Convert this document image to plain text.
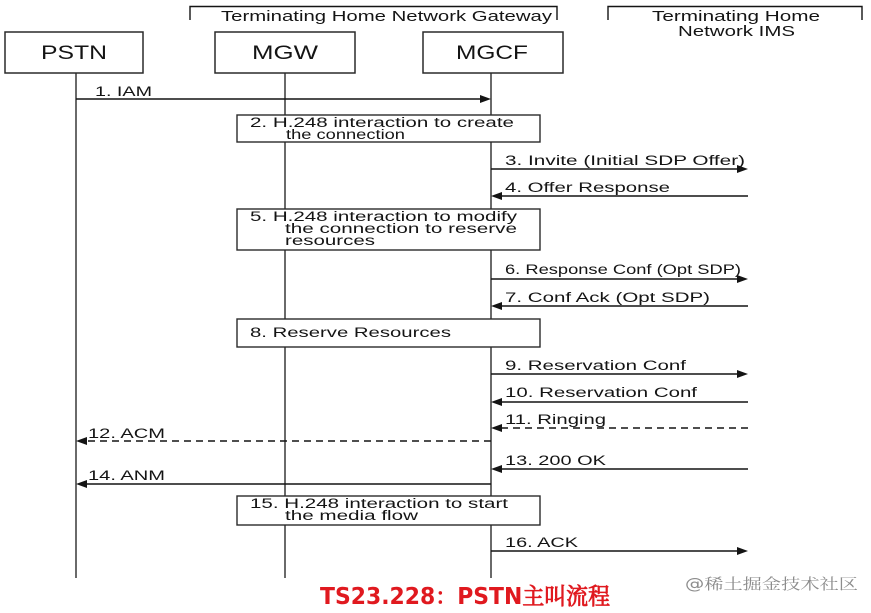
Terminating Home Network Gateway	Terminating Home
Network IMS
PSTN	MGW	MGCF
1. IAM
2. H.248 interaction to create
the connection
3. Invite (Initial SDP Offer)
4. Offer Response
5. H.248 interaction to modify
the connection to reserve
resources
6. Response Conf (Opt SDP)
7. Conf Ack (Opt SDP)
8. Reserve Resources
9. Reservation Conf
10. Reservation Conf
11. Ringing
12. ACM
13. 200 OK
14. ANM
15. H.248 interaction to start
the media flow
16. ACK
TS23.228：PSTN主叫流程	@稀土掘金技术社区
